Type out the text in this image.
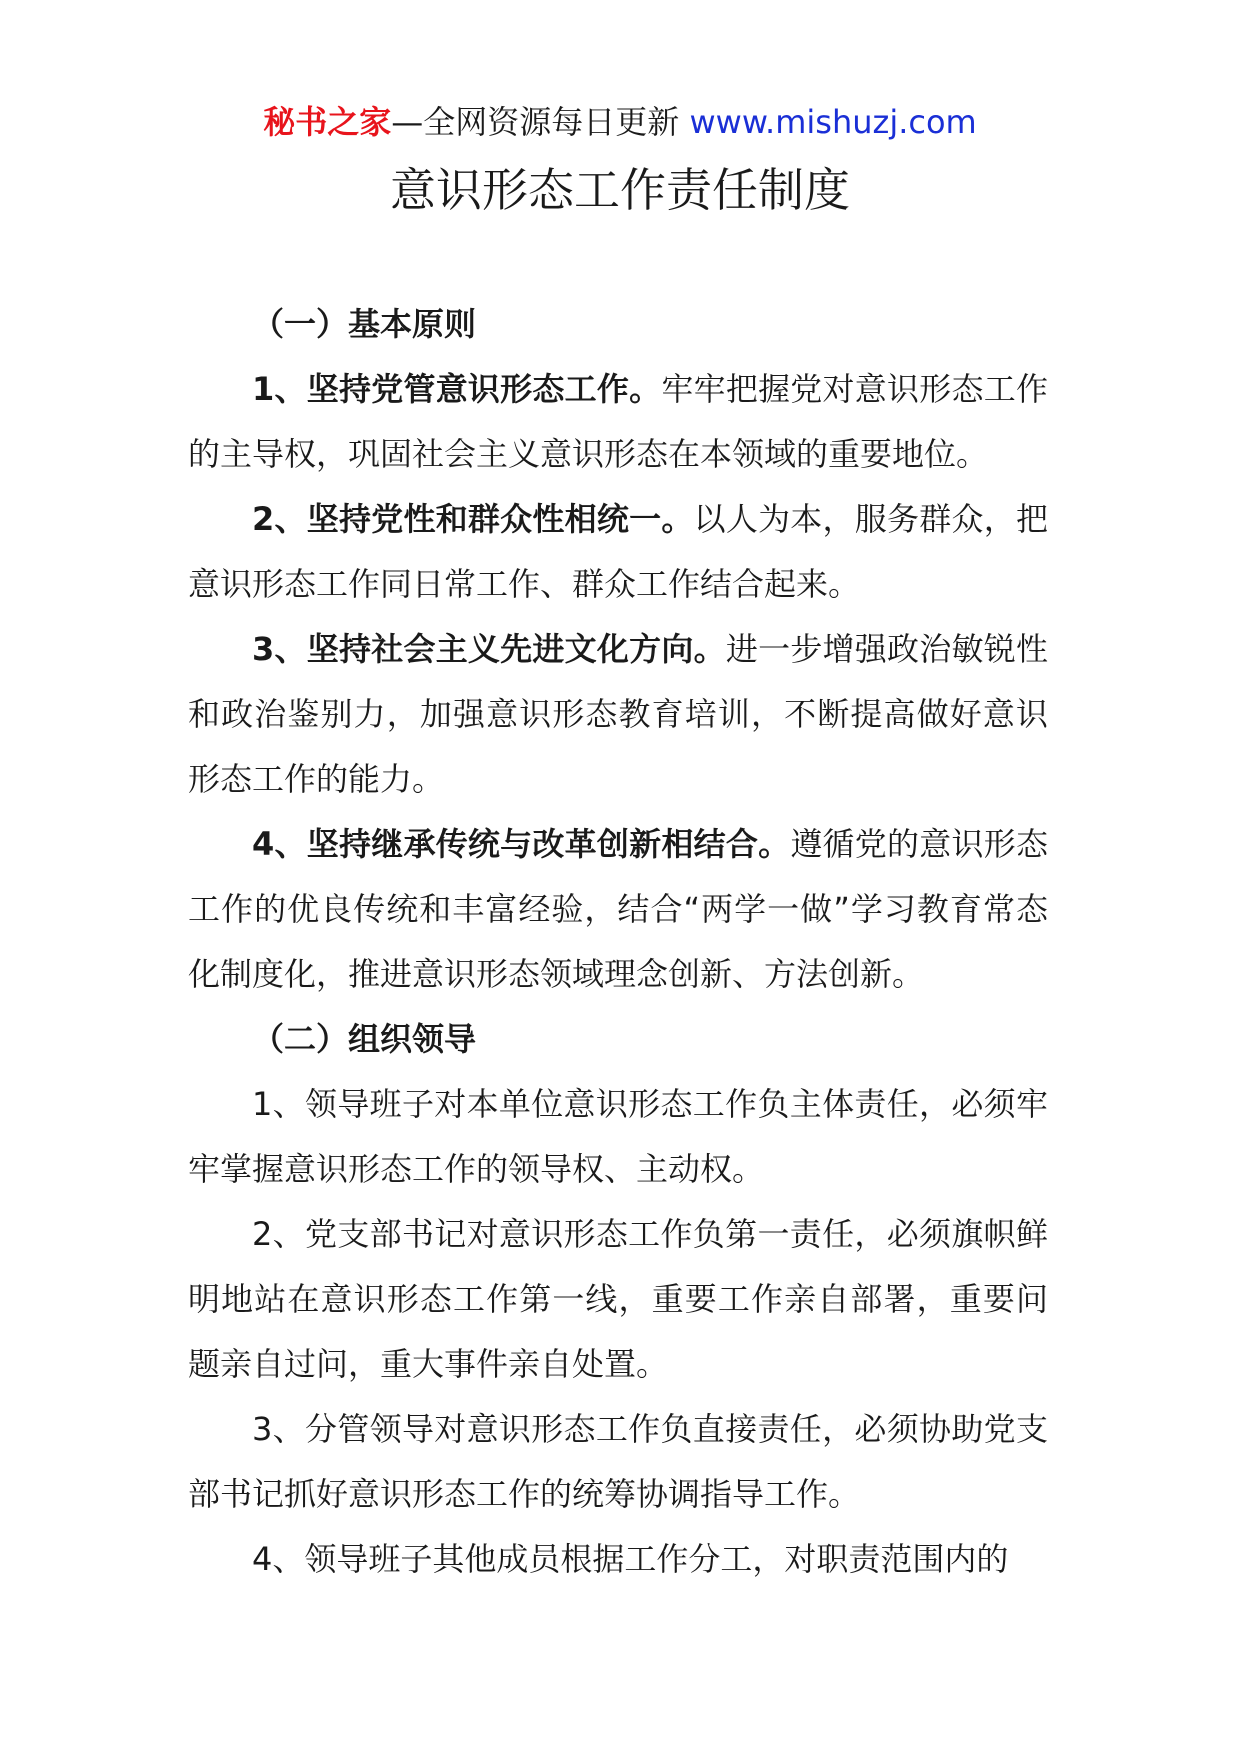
秘书之家—全网资源每日更新 www.mishuzj.com
意识形态工作责任制度

（一）基本原则

1、坚持党管意识形态工作。牢牢把握党对意识形态工作的主导权，巩固社会主义意识形态在本领域的重要地位。

2、坚持党性和群众性相统一。以人为本，服务群众，把意识形态工作同日常工作、群众工作结合起来。

3、坚持社会主义先进文化方向。进一步增强政治敏锐性和政治鉴别力，加强意识形态教育培训，不断提高做好意识形态工作的能力。

4、坚持继承传统与改革创新相结合。遵循党的意识形态工作的优良传统和丰富经验，结合“两学一做”学习教育常态化制度化，推进意识形态领域理念创新、方法创新。

（二）组织领导

1、领导班子对本单位意识形态工作负主体责任，必须牢牢掌握意识形态工作的领导权、主动权。

2、党支部书记对意识形态工作负第一责任，必须旗帜鲜明地站在意识形态工作第一线，重要工作亲自部署，重要问题亲自过问，重大事件亲自处置。

3、分管领导对意识形态工作负直接责任，必须协助党支部书记抓好意识形态工作的统筹协调指导工作。

4、领导班子其他成员根据工作分工，对职责范围内的
